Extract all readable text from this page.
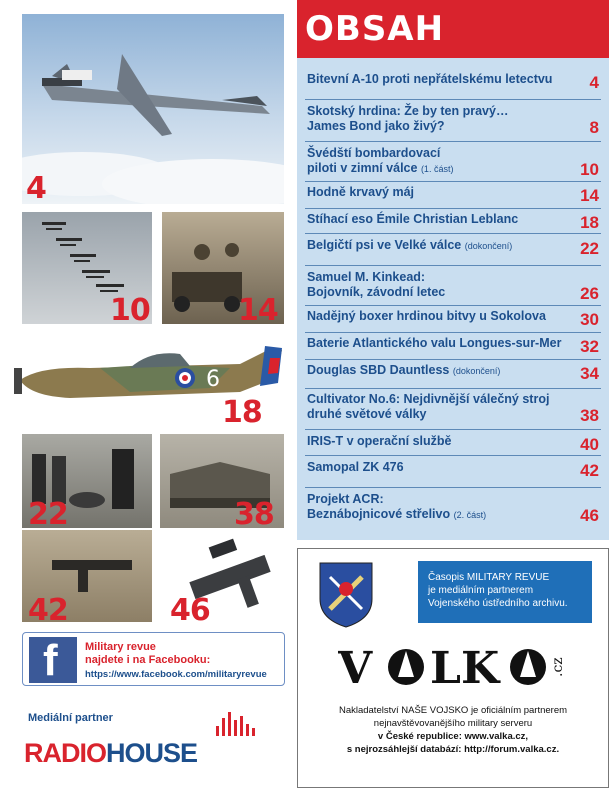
4
10	14
6
18
22	38
42	46
f Military revue
najdete i na Facebooku:
https://www.facebook.com/militaryrevue
Mediální partner
RADIOHOUSE
OBSAH
Bitevní A-10 proti nepřátelskému letectvu 4
Skotský hrdina: Že by ten pravý…
James Bond jako živý?	8
Švédští bombardovací
piloti v zimní válce (1. část)	10
Hodně krvavý máj	14
Stíhací eso Émile Christian Leblanc	18
Belgičtí psi ve Velké válce (dokončení)	22
Samuel M. Kinkead:
Bojovník, závodní letec	26
Nadějný boxer hrdinou bitvy u Sokolova 30
Baterie Atlantického valu Longues-sur-Mer 32
Douglas SBD Dauntless (dokončení)	34
Cultivator No.6: Nejdivnější válečný stroj
druhé světové války	38
IRIS-T v operační službě	40
Samopal ZK 476	42
Projekt ACR:
Beznábojnicové střelivo (2. část)	46
Časopis MILITARY REVUE
je mediálním partnerem
Vojenského ústředního archivu.
V LK	.cz
Nakladatelství NAŠE VOJSKO je oficiálním partnerem
nejnavštěvovanějšího military serveru
v České republice: www.valka.cz,
s nejrozsáhlejší databází: http://forum.valka.cz.
